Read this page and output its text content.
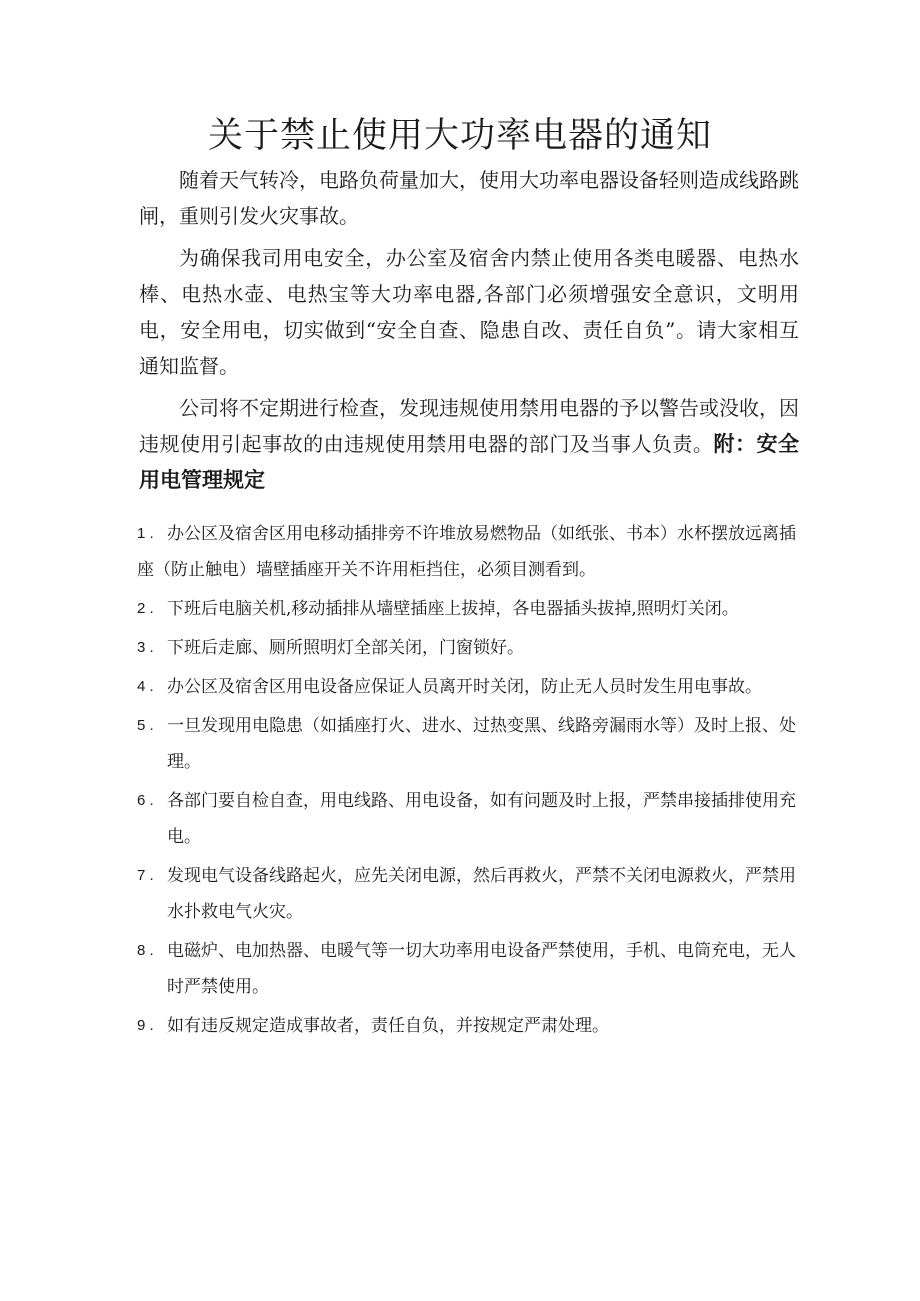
关于禁止使用大功率电器的通知

随着天气转冷，电路负荷量加大，使用大功率电器设备轻则造成线路跳闸，重则引发火灾事故。

为确保我司用电安全，办公室及宿舍内禁止使用各类电暖器、电热水棒、电热水壶、电热宝等大功率电器,各部门必须增强安全意识，文明用电，安全用电，切实做到“安全自查、隐患自改、责任自负”。请大家相互通知监督。

公司将不定期进行检查，发现违规使用禁用电器的予以警告或没收，因违规使用引起事故的由违规使用禁用电器的部门及当事人负责。附：安全用电管理规定

1 . 办公区及宿舍区用电移动插排旁不许堆放易燃物品（如纸张、书本）水杯摆放远离插座（防止触电）墙壁插座开关不许用柜挡住，必须目测看到。
2 . 下班后电脑关机,移动插排从墙壁插座上拔掉，各电器插头拔掉,照明灯关闭。
3 . 下班后走廊、厕所照明灯全部关闭，门窗锁好。
4 . 办公区及宿舍区用电设备应保证人员离开时关闭，防止无人员时发生用电事故。
5 . 一旦发现用电隐患（如插座打火、进水、过热变黑、线路旁漏雨水等）及时上报、处理。
6 . 各部门要自检自查，用电线路、用电设备，如有问题及时上报，严禁串接插排使用充电。
7 . 发现电气设备线路起火，应先关闭电源，然后再救火，严禁不关闭电源救火，严禁用水扑救电气火灾。
8 . 电磁炉、电加热器、电暖气等一切大功率用电设备严禁使用，手机、电筒充电，无人时严禁使用。
9 . 如有违反规定造成事故者，责任自负，并按规定严肃处理。
